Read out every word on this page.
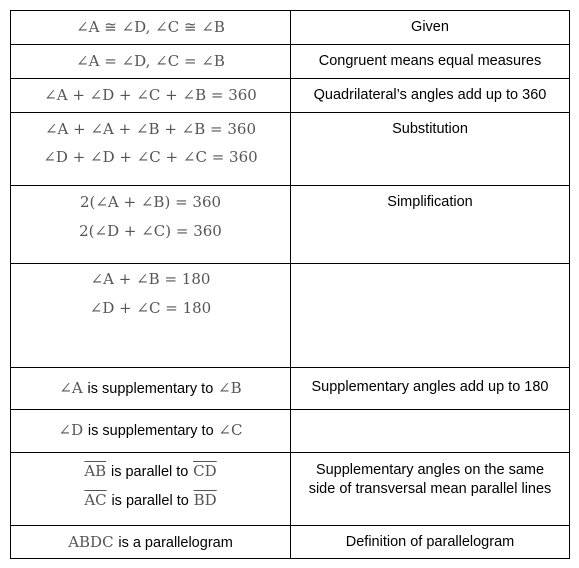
∠A ≅ ∠D, ∠C ≅ ∠B	Given

∠A = ∠D, ∠C = ∠B	Congruent means equal measures

∠A + ∠D + ∠C + ∠B = 360	Quadrilateral’s angles add up to 360

∠A + ∠A + ∠B + ∠B = 360
∠D + ∠D + ∠C + ∠C = 360	Substitution

2(∠A + ∠B) = 360
2(∠D + ∠C) = 360	Simplification

∠A + ∠B = 180
∠D + ∠C = 180	

∠A is supplementary to ∠B	Supplementary angles add up to 180

∠D is supplementary to ∠C	

$\overline{AB}$ is parallel to $\overline{CD}$
$\overline{AC}$ is parallel to $\overline{BD}$	Supplementary angles on the same
side of transversal mean parallel lines

ABDC is a parallelogram	Definition of parallelogram
